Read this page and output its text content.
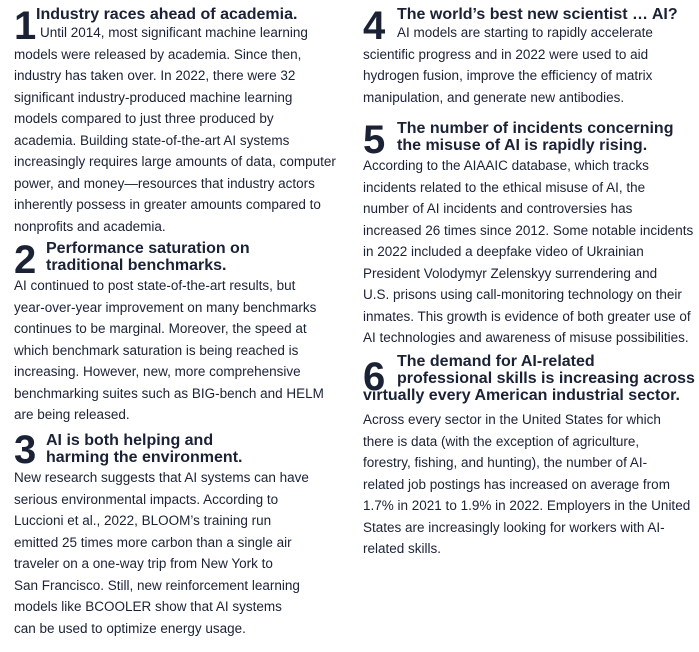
1 Industry races ahead of academia.
Until 2014, most significant machine learning
models were released by academia. Since then,
industry has taken over. In 2022, there were 32
significant industry-produced machine learning
models compared to just three produced by
academia. Building state-of-the-art AI systems
increasingly requires large amounts of data, computer
power, and money—resources that industry actors
inherently possess in greater amounts compared to
nonprofits and academia.
2 Performance saturation on
traditional benchmarks.
AI continued to post state-of-the-art results, but
year-over-year improvement on many benchmarks
continues to be marginal. Moreover, the speed at
which benchmark saturation is being reached is
increasing. However, new, more comprehensive
benchmarking suites such as BIG-bench and HELM
are being released.
3 AI is both helping and
harming the environment.
New research suggests that AI systems can have
serious environmental impacts. According to
Luccioni et al., 2022, BLOOM’s training run
emitted 25 times more carbon than a single air
traveler on a one-way trip from New York to
San Francisco. Still, new reinforcement learning
models like BCOOLER show that AI systems
can be used to optimize energy usage.
4 The world’s best new scientist … AI?
AI models are starting to rapidly accelerate
scientific progress and in 2022 were used to aid
hydrogen fusion, improve the efficiency of matrix
manipulation, and generate new antibodies.
5 The number of incidents concerning
the misuse of AI is rapidly rising.
According to the AIAAIC database, which tracks
incidents related to the ethical misuse of AI, the
number of AI incidents and controversies has
increased 26 times since 2012. Some notable incidents
in 2022 included a deepfake video of Ukrainian
President Volodymyr Zelenskyy surrendering and
U.S. prisons using call-monitoring technology on their
inmates. This growth is evidence of both greater use of
AI technologies and awareness of misuse possibilities.
6 The demand for AI-related
professional skills is increasing across
virtually every American industrial sector.
Across every sector in the United States for which
there is data (with the exception of agriculture,
forestry, fishing, and hunting), the number of AI-
related job postings has increased on average from
1.7% in 2021 to 1.9% in 2022. Employers in the United
States are increasingly looking for workers with AI-
related skills.
